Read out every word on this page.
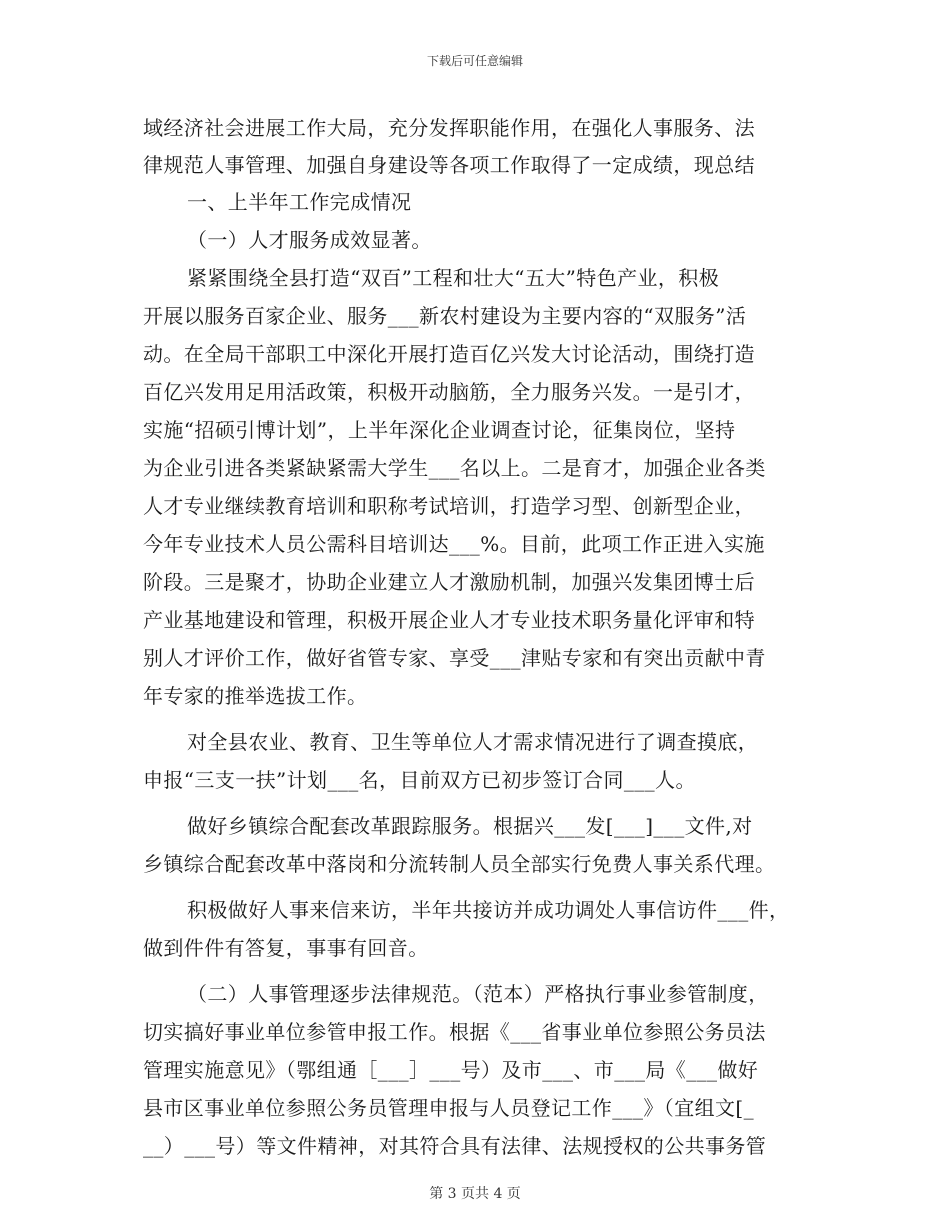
下载后可任意编辑
域经济社会进展工作大局，充分发挥职能作用，在强化人事服务、法
律规范人事管理、加强自身建设等各项工作取得了一定成绩，现总结
一、上半年工作完成情况
（一）人才服务成效显著。
紧紧围绕全县打造“双百”工程和壮大“五大”特色产业，积极
开展以服务百家企业、服务___新农村建设为主要内容的“双服务”活
动。在全局干部职工中深化开展打造百亿兴发大讨论活动，围绕打造
百亿兴发用足用活政策，积极开动脑筋，全力服务兴发。一是引才，
实施“招硕引博计划”，上半年深化企业调查讨论，征集岗位，坚持
为企业引进各类紧缺紧需大学生___名以上。二是育才，加强企业各类
人才专业继续教育培训和职称考试培训，打造学习型、创新型企业，
今年专业技术人员公需科目培训达___%。目前，此项工作正进入实施
阶段。三是聚才，协助企业建立人才激励机制，加强兴发集团博士后
产业基地建设和管理，积极开展企业人才专业技术职务量化评审和特
别人才评价工作，做好省管专家、享受___津贴专家和有突出贡献中青
年专家的推举选拔工作。
对全县农业、教育、卫生等单位人才需求情况进行了调查摸底，
申报“三支一扶”计划___名，目前双方已初步签订合同___人。
做好乡镇综合配套改革跟踪服务。根据兴___发[___]___文件,对
乡镇综合配套改革中落岗和分流转制人员全部实行免费人事关系代理。
积极做好人事来信来访，半年共接访并成功调处人事信访件___件，
做到件件有答复，事事有回音。
（二）人事管理逐步法律规范。（范本）严格执行事业参管制度，
切实搞好事业单位参管申报工作。根据《___省事业单位参照公务员法
管理实施意见》（鄂组通［___］___号）及市___、市___局《___做好
县市区事业单位参照公务员管理申报与人员登记工作___》（宜组文[_
__）___号）等文件精神，对其符合具有法律、法规授权的公共事务管
第 3 页共 4 页
